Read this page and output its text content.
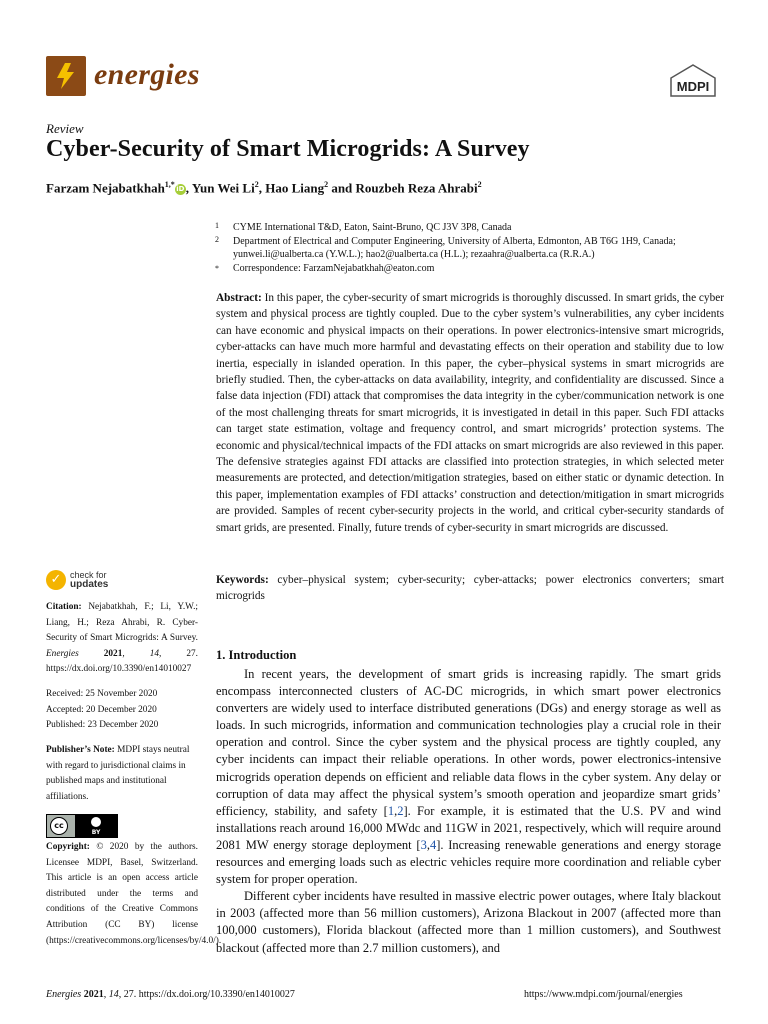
energies	MDPI
Review
Cyber-Security of Smart Microgrids: A Survey
Farzam Nejabatkhah$^{1,*}$iD, Yun Wei Li$^2$, Hao Liang$^2$ and Rouzbeh Reza Ahrabi$^2$
1 CYME International T&D, Eaton, Saint-Bruno, QC J3V 3P8, Canada
2 Department of Electrical and Computer Engineering, University of Alberta, Edmonton, AB T6G 1H9, Canada;
yunwei.li@ualberta.ca (Y.W.L.); hao2@ualberta.ca (H.L.); rezaahra@ualberta.ca (R.R.A.)
* Correspondence: FarzamNejabatkhah@eaton.com
Abstract: In this paper, the cyber-security of smart microgrids is thoroughly discussed. In smart grids, the cyber system and physical process are tightly coupled. Due to the cyber system’s vulnerabilities, any cyber incidents can have economic and physical impacts on their operations. In power electronics-intensive smart microgrids, cyber-attacks can have much more harmful and devastating effects on their operation and stability due to low inertia, especially in islanded operation. In this paper, the cyber–physical systems in smart microgrids are briefly studied. Then, the cyber-attacks on data availability, integrity, and confidentiality are discussed. Since a false data injection (FDI) attack that compromises the data integrity in the cyber/communication network is one of the most challenging threats for smart microgrids, it is investigated in detail in this paper. Such FDI attacks can target state estimation, voltage and frequency control, and smart microgrids’ protection systems. The economic and physical/technical impacts of the FDI attacks on smart microgrids are also reviewed in this paper. The defensive strategies against FDI attacks are classified into protection strategies, in which selected meter measurements are protected, and detection/mitigation strategies, based on either static or dynamic detection. In this paper, implementation examples of FDI attacks’ construction and detection/mitigation in smart microgrids are provided. Samples of recent cyber-security projects in the world, and critical cyber-security standards of smart grids, are presented. Finally, future trends of cyber-security in smart microgrids are discussed.
Keywords: cyber–physical system; cyber-security; cyber-attacks; power electronics converters; smart microgrids
✓ check for
updates
Citation: Nejabatkhah, F.; Li, Y.W.; Liang, H.; Reza Ahrabi, R. Cyber-Security of Smart Microgrids: A Survey. Energies	2021, 14, 27. https://dx.doi.org/10.3390/en14010027
Received: 25 November 2020
Accepted: 20 December 2020
Published: 23 December 2020
Publisher’s Note: MDPI stays neutral with regard to jurisdictional claims in published maps and institutional affiliations.
cc
BY
Copyright: © 2020 by the authors. Licensee MDPI, Basel, Switzerland. This article is an open access article distributed under the terms and conditions of the Creative Commons Attribution (CC BY) license (https://creativecommons.org/licenses/by/4.0/).
1. Introduction

In recent years, the development of smart grids is increasing rapidly. The smart grids encompass interconnected clusters of AC-DC microgrids, in which smart power electronics converters are widely used to interface distributed generations (DGs) and energy storage as well as loads. In such microgrids, information and communication technologies play a crucial role in their operation and control. Since the cyber system and the physical process are tightly coupled, any cyber incidents can impact their reliable operations. In other words, power electronics-intensive microgrids operation depends on efficient and reliable data flows in the cyber system. Any delay or corruption of data may affect the physical system’s smooth operation and jeopardize smart grids’ efficiency, stability, and safety [1,2]. For example, it is estimated that the U.S. PV and wind installations reach around 16,000 MWdc and 11GW in 2021, respectively, which will require around 2081 MW energy storage deployment [3,4]. Increasing renewable generations and energy storage resources and emerging loads such as electric vehicles require more coordination and reliable cyber system for proper operation.

Different cyber incidents have resulted in massive electric power outages, where Italy blackout in 2003 (affected more than 56 million customers), Arizona Blackout in 2007 (affected more than 100,000 customers), Florida blackout (affected more than 1 million customers), and Southwest blackout (affected more than 2.7 million customers), and

Energies 2021, 14, 27. https://dx.doi.org/10.3390/en14010027	https://www.mdpi.com/journal/energies
